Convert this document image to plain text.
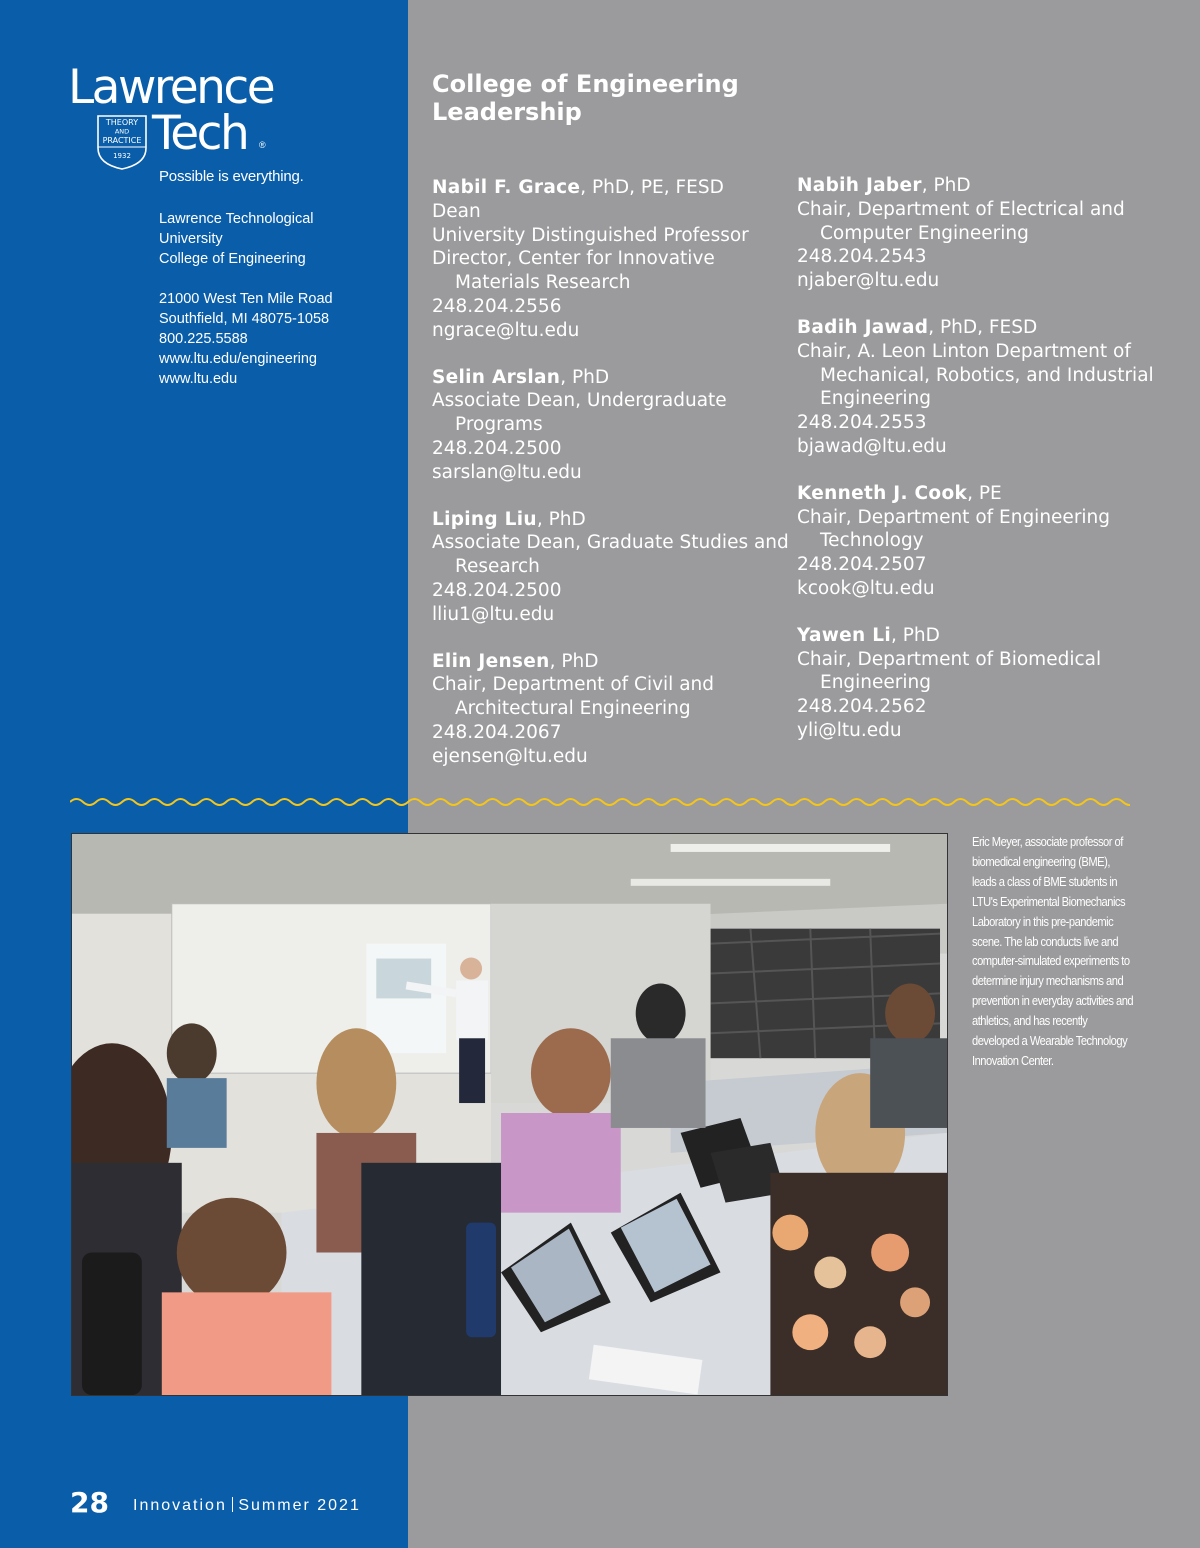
Lawrence
THEORY
AND
PRACTICE
1932 Tech ®
Possible is everything.
Lawrence Technological
University
College of Engineering
21000 West Ten Mile Road
Southfield, MI 48075-1058
800.225.5588
www.ltu.edu/engineering
www.ltu.edu
28 Innovation Summer 2021
College of Engineering Leadership
Nabil F. Grace, PhD, PE, FESD
Dean
University Distinguished Professor
Director, Center for Innovative Materials Research
248.204.2556
ngrace@ltu.edu
Selin Arslan, PhD
Associate Dean, Undergraduate Programs
248.204.2500
sarslan@ltu.edu
Liping Liu, PhD
Associate Dean, Graduate Studies and Research
248.204.2500
lliu1@ltu.edu
Elin Jensen, PhD
Chair, Department of Civil and Architectural Engineering
248.204.2067
ejensen@ltu.edu
Nabih Jaber, PhD
Chair, Department of Electrical and Computer Engineering
248.204.2543
njaber@ltu.edu
Badih Jawad, PhD, FESD
Chair, A. Leon Linton Department of Mechanical, Robotics, and Industrial Engineering
248.204.2553
bjawad@ltu.edu
Kenneth J. Cook, PE
Chair, Department of Engineering Technology
248.204.2507
kcook@ltu.edu
Yawen Li, PhD
Chair, Department of Biomedical Engineering
248.204.2562
yli@ltu.edu
Eric Meyer, associate professor of biomedical engineering (BME), leads a class of BME students in LTU's Experimental Biomechanics Laboratory in this pre-pandemic scene. The lab conducts live and computer-simulated experiments to determine injury mechanisms and prevention in everyday activities and athletics, and has recently developed a Wearable Technology Innovation Center.
